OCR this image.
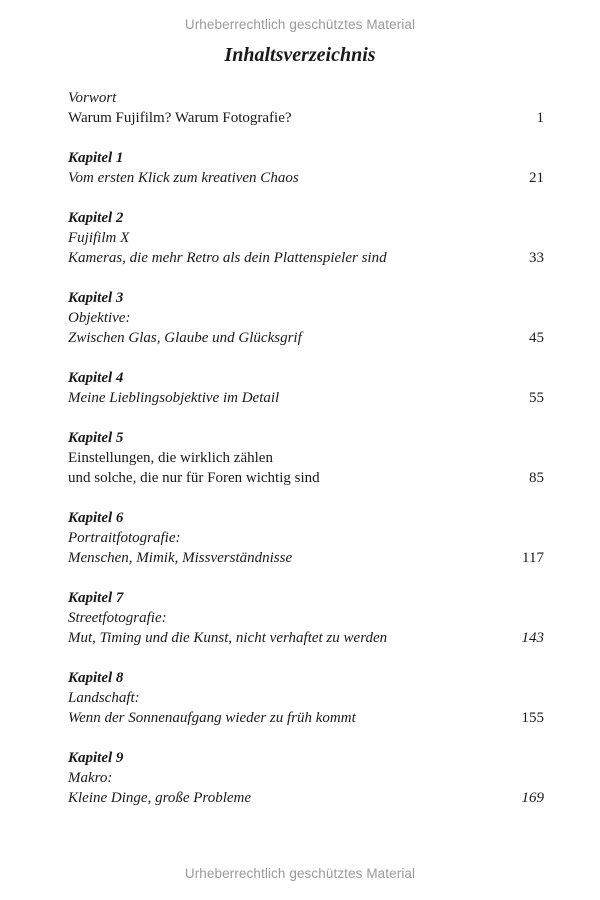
Urheberrechtlich geschütztes Material
Inhaltsverzeichnis
Vorwort
Warum Fujifilm? Warum Fotografie?	1
Kapitel 1
Vom ersten Klick zum kreativen Chaos	21
Kapitel 2
Fujifilm X
Kameras, die mehr Retro als dein Plattenspieler sind	33
Kapitel 3
Objektive:
Zwischen Glas, Glaube und Glücksgrif	45
Kapitel 4
Meine Lieblingsobjektive im Detail	55
Kapitel 5
Einstellungen, die wirklich zählen
und solche, die nur für Foren wichtig sind	85
Kapitel 6
Portraitfotografie:
Menschen, Mimik, Missverständnisse	117
Kapitel 7
Streetfotografie:
Mut, Timing und die Kunst, nicht verhaftet zu werden	143
Kapitel 8
Landschaft:
Wenn der Sonnenaufgang wieder zu früh kommt	155
Kapitel 9
Makro:
Kleine Dinge, große Probleme	169
Urheberrechtlich geschütztes Material
